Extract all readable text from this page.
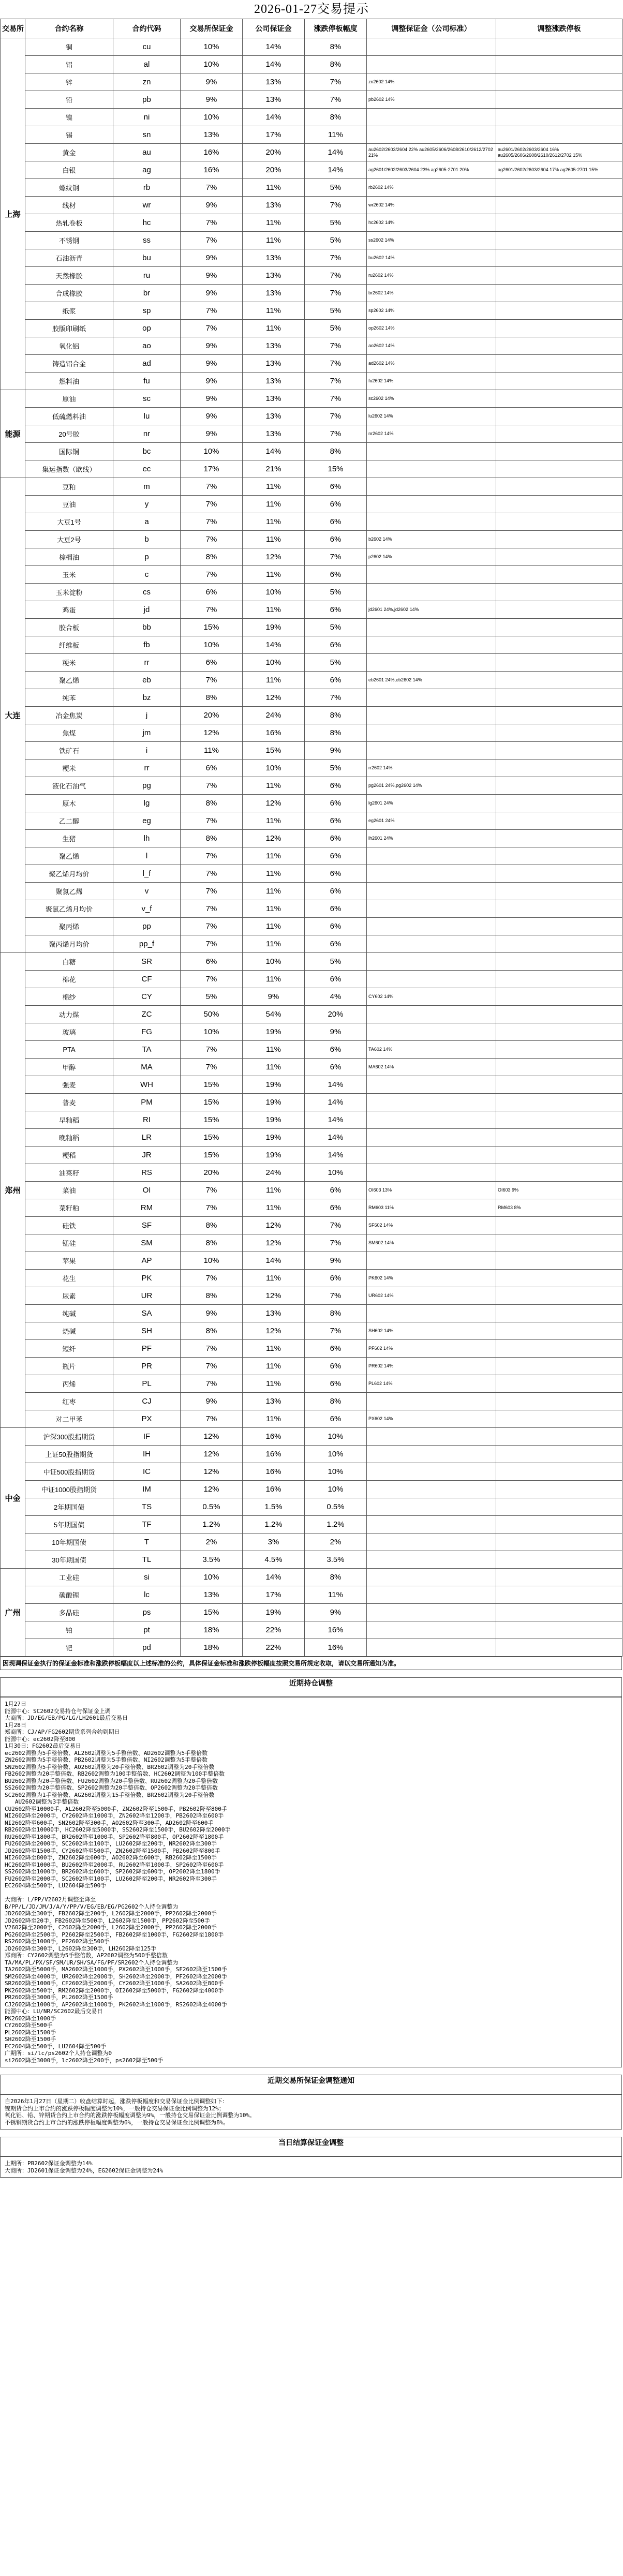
2026-01-27交易提示
交易所	合约名称	合约代码	交易所保证金	公司保证金	涨跌停板幅度	调整保证金（公司标准）	调整涨跌停板
上海	铜	cu	10%	14%	8%		
	铝	al	10%	14%	8%		
	锌	zn	9%	13%	7%	zn2602 14%	
	铅	pb	9%	13%	7%	pb2602 14%	
	镍	ni	10%	14%	8%		
	锡	sn	13%	17%	11%		
	黄金	au	16%	20%	14%	au2602/2603/2604 22% au2605/2606/2608/2610/2612/2702 21%	au2601/2602/2603/2604 16% au2605/2606/2608/2610/2612/2702 15%
	白银	ag	16%	20%	14%	ag2601/2602/2603/2604 23% ag2605-2701 20%	ag2601/2602/2603/2604 17% ag2605-2701 15%
	螺纹钢	rb	7%	11%	5%	rb2602 14%	
	线材	wr	9%	13%	7%	wr2602 14%	
	热轧卷板	hc	7%	11%	5%	hc2602 14%	
	不锈钢	ss	7%	11%	5%	ss2602 14%	
	石油沥青	bu	9%	13%	7%	bu2602 14%	
	天然橡胶	ru	9%	13%	7%	ru2602 14%	
	合成橡胶	br	9%	13%	7%	br2602 14%	
	纸浆	sp	7%	11%	5%	sp2602 14%	
	胶版印刷纸	op	7%	11%	5%	op2602 14%	
	氧化铝	ao	9%	13%	7%	ao2602 14%	
	铸造铝合金	ad	9%	13%	7%	ad2602 14%	
	燃料油	fu	9%	13%	7%	fu2602 14%	
能源	原油	sc	9%	13%	7%	sc2602 14%	
	低硫燃料油	lu	9%	13%	7%	lu2602 14%	
	20号胶	nr	9%	13%	7%	nr2602 14%	
	国际铜	bc	10%	14%	8%		
	集运指数（欧线）	ec	17%	21%	15%		
大连	豆粕	m	7%	11%	6%		
	豆油	y	7%	11%	6%		
	大豆1号	a	7%	11%	6%		
	大豆2号	b	7%	11%	6%	b2602 14%	
	棕榈油	p	8%	12%	7%	p2602 14%	
	玉米	c	7%	11%	6%		
	玉米淀粉	cs	6%	10%	5%		
	鸡蛋	jd	7%	11%	6%	jd2601 24%,jd2602 14%	
	胶合板	bb	15%	19%	5%		
	纤维板	fb	10%	14%	6%		
	粳米	rr	6%	10%	5%		
	聚乙烯	eb	7%	11%	6%	eb2601 24%,eb2602 14%	
	纯苯	bz	8%	12%	7%		
	冶金焦炭	j	20%	24%	8%		
	焦煤	jm	12%	16%	8%		
	铁矿石	i	11%	15%	9%		
	粳米	rr	6%	10%	5%	rr2602 14%	
	液化石油气	pg	7%	11%	6%	pg2601 24%,pg2602 14%	
	原木	lg	8%	12%	6%	lg2601 24%	
	乙二醇	eg	7%	11%	6%	eg2601 24%	
	生猪	lh	8%	12%	6%	lh2601 24%	
	聚乙烯	l	7%	11%	6%		
	聚乙烯月均价	l_f	7%	11%	6%		
	聚氯乙烯	v	7%	11%	6%		
	聚氯乙烯月均价	v_f	7%	11%	6%		
	聚丙烯	pp	7%	11%	6%		
	聚丙烯月均价	pp_f	7%	11%	6%		
郑州	白糖	SR	6%	10%	5%		
	棉花	CF	7%	11%	6%		
	棉纱	CY	5%	9%	4%	CY602 14%	
	动力煤	ZC	50%	54%	20%		
	玻璃	FG	10%	19%	9%		
	PTA	TA	7%	11%	6%	TA602 14%	
	甲醇	MA	7%	11%	6%	MA602 14%	
	强麦	WH	15%	19%	14%		
	普麦	PM	15%	19%	14%		
	早籼稻	RI	15%	19%	14%		
	晚籼稻	LR	15%	19%	14%		
	粳稻	JR	15%	19%	14%		
	油菜籽	RS	20%	24%	10%		
	菜油	OI	7%	11%	6%	OI603 13%	OI603 9%
	菜籽粕	RM	7%	11%	6%	RM603 11%	RM603 8%
	硅铁	SF	8%	12%	7%	SF602 14%	
	锰硅	SM	8%	12%	7%	SM602 14%	
	苹果	AP	10%	14%	9%		
	花生	PK	7%	11%	6%	PK602 14%	
	尿素	UR	8%	12%	7%	UR602 14%	
	纯碱	SA	9%	13%	8%		
	烧碱	SH	8%	12%	7%	SH602 14%	
	短纤	PF	7%	11%	6%	PF602 14%	
	瓶片	PR	7%	11%	6%	PR602 14%	
	丙烯	PL	7%	11%	6%	PL602 14%	
	红枣	CJ	9%	13%	8%		
	对二甲苯	PX	7%	11%	6%	PX602 14%	
中金	沪深300股指期货	IF	12%	16%	10%		
	上证50股指期货	IH	12%	16%	10%		
	中证500股指期货	IC	12%	16%	10%		
	中证1000股指期货	IM	12%	16%	10%		
	2年期国债	TS	0.5%	1.5%	0.5%		
	5年期国债	TF	1.2%	1.2%	1.2%		
	10年期国债	T	2%	3%	2%		
	30年期国债	TL	3.5%	4.5%	3.5%		
广州	工业硅	si	10%	14%	8%		
	碳酸锂	lc	13%	17%	11%		
	多晶硅	ps	15%	19%	9%		
	铂	pt	18%	22%	16%		
	钯	pd	18%	22%	16%		
因现调保证金执行的保证金标准和涨跌停板幅度以上述标准的公约，具体保证金标准和涨跌停板幅度按照交易所规定收取，请以交易所通知为准。
近期持仓调整
1月27日
能源中心：SC2602交易持仓与保证金上调
大商所：JD/EG/EB/PG/LG/LH2601最后交易日
1月28日
郑商所：CJ/AP/FG2602期货系列合约到期日
能源中心：ec2602降至800
1月30日：FG2602最后交易日
ec2602调整为5手整倍数、AL2602调整为5手整倍数、AD2602调整为5手整倍数
ZN2602调整为5手整倍数、PB2602调整为5手整倍数、NI2602调整为5手整倍数
SN2602调整为5手整倍数、AO2602调整为20手整倍数、BR2602调整为20手整倍数
FB2602调整为20手整倍数、RB2602调整为100手整倍数、HC2602调整为100手整倍数
BU2602调整为20手整倍数、FU2602调整为20手整倍数、RU2602调整为20手整倍数
SS2602调整为20手整倍数、SP2602调整为20手整倍数、OP2602调整为20手整倍数
SC2602调整为1手整倍数、AG2602调整为15手整倍数、BR2602调整为20手整倍数
AU2602调整为3手整倍数
CU2602降至10000手，AL2602降至5000手，ZN2602降至1500手，PB2602降至800手
NI2602降至2000手，CY2602降至1000手，ZN2602降至1200手，PB2602降至600手
NI2602降至600手，SN2602降至300手，AO2602降至300手，AD2602降至600手
RB2602降至10000手，HC2602降至5000手，SS2602降至1500手，BU2602降至2000手
RU2602降至1800手，BR2602降至1000手，SP2602降至800手，OP2602降至1800手
FU2602降至2000手，SC2602降至100手，LU2602降至200手，NR2602降至300手
JD2602降至1500手，CY2602降至500手，ZN2602降至1500手，PB2602降至800手
NI2602降至800手，ZN2602降至600手，AO2602降至600手，RB2602降至1500手
HC2602降至1000手，BU2602降至2000手，RU2602降至1000手，SP2602降至600手
SS2602降至1000手，BR2602降至600手，SP2602降至600手，OP2602降至1800手
FU2602降至2000手，SC2602降至100手，LU2602降至200手，NR2602降至300手
EC2604降至500手，LU2604降至500手

大商所：L/PP/V2602月调整至降至
B/PP/L/JD/JM/J/A/Y/PP/V/EG/EB/EG/PG2602个人持仓调整为
JD2602降至300手，FB2602降至200手，L2602降至2000手，PP2602降至2000手
JD2602降至20手，FB2602降至500手，L2602降至1500手，PP2602降至500手
V2602降至2000手，C2602降至2000手，L2602降至2000手，PP2602降至2000手
PG2602降至2500手，P2602降至2500手，FB2602降至1000手，FG2602降至1800手
RS2602降至1000手，PF2602降至500手
JD2602降至300手，L2602降至300手，LH2602降至125手
郑商所：CY2602调整为5手整倍数，AP2602调整为500手整倍数
TA/MA/PL/PX/SF/SM/UR/SH/SA/FG/PF/SR2602个人持仓调整为
TA2602降至5000手，MA2602降至1000手，PX2602降至1000手，SF2602降至1500手
SM2602降至4000手，UR2602降至2000手，SH2602降至2000手，PF2602降至2000手
SR2602降至1000手，CF2602降至2000手，CY2602降至1000手，SA2602降至800手
PK2602降至500手，RM2602降至2000手，OI2602降至5000手，FG2602降至4000手
PR2602降至3000手，PL2602降至1500手
CJ2602降至1000手，AP2602降至1000手，PK2602降至1000手，RS2602降至4000手
能源中心：LU/NR/SC2602最后交易日
PK2602降至1000手
CY2602降至500手
PL2602降至1500手
SH2602降至1500手
EC2604降至500手，LU2604降至500手
广期所：si/lc/ps2602个人持仓调整为0
si2602降至3000手，lc2602降至200手，ps2602降至500手
近期交易所保证金调整通知
自2026年1月27日（星期二）收盘结算时起，涨跌停板幅度和交易保证金比例调整如下：
镍期货合约上市合约的涨跌停板幅度调整为10%，一般持仓交易保证金比例调整为12%；
氧化铝、铅、锌期货合约上市合约的涨跌停板幅度调整为9%，一般持仓交易保证金比例调整为10%。
不锈钢期货合约上市合约的涨跌停板幅度调整为6%，一般持仓交易保证金比例调整为8%。
当日结算保证金调整
上期所：PB2602保证金调整为14%
大商所：JD2601保证金调整为24%，EG2602保证金调整为24%
